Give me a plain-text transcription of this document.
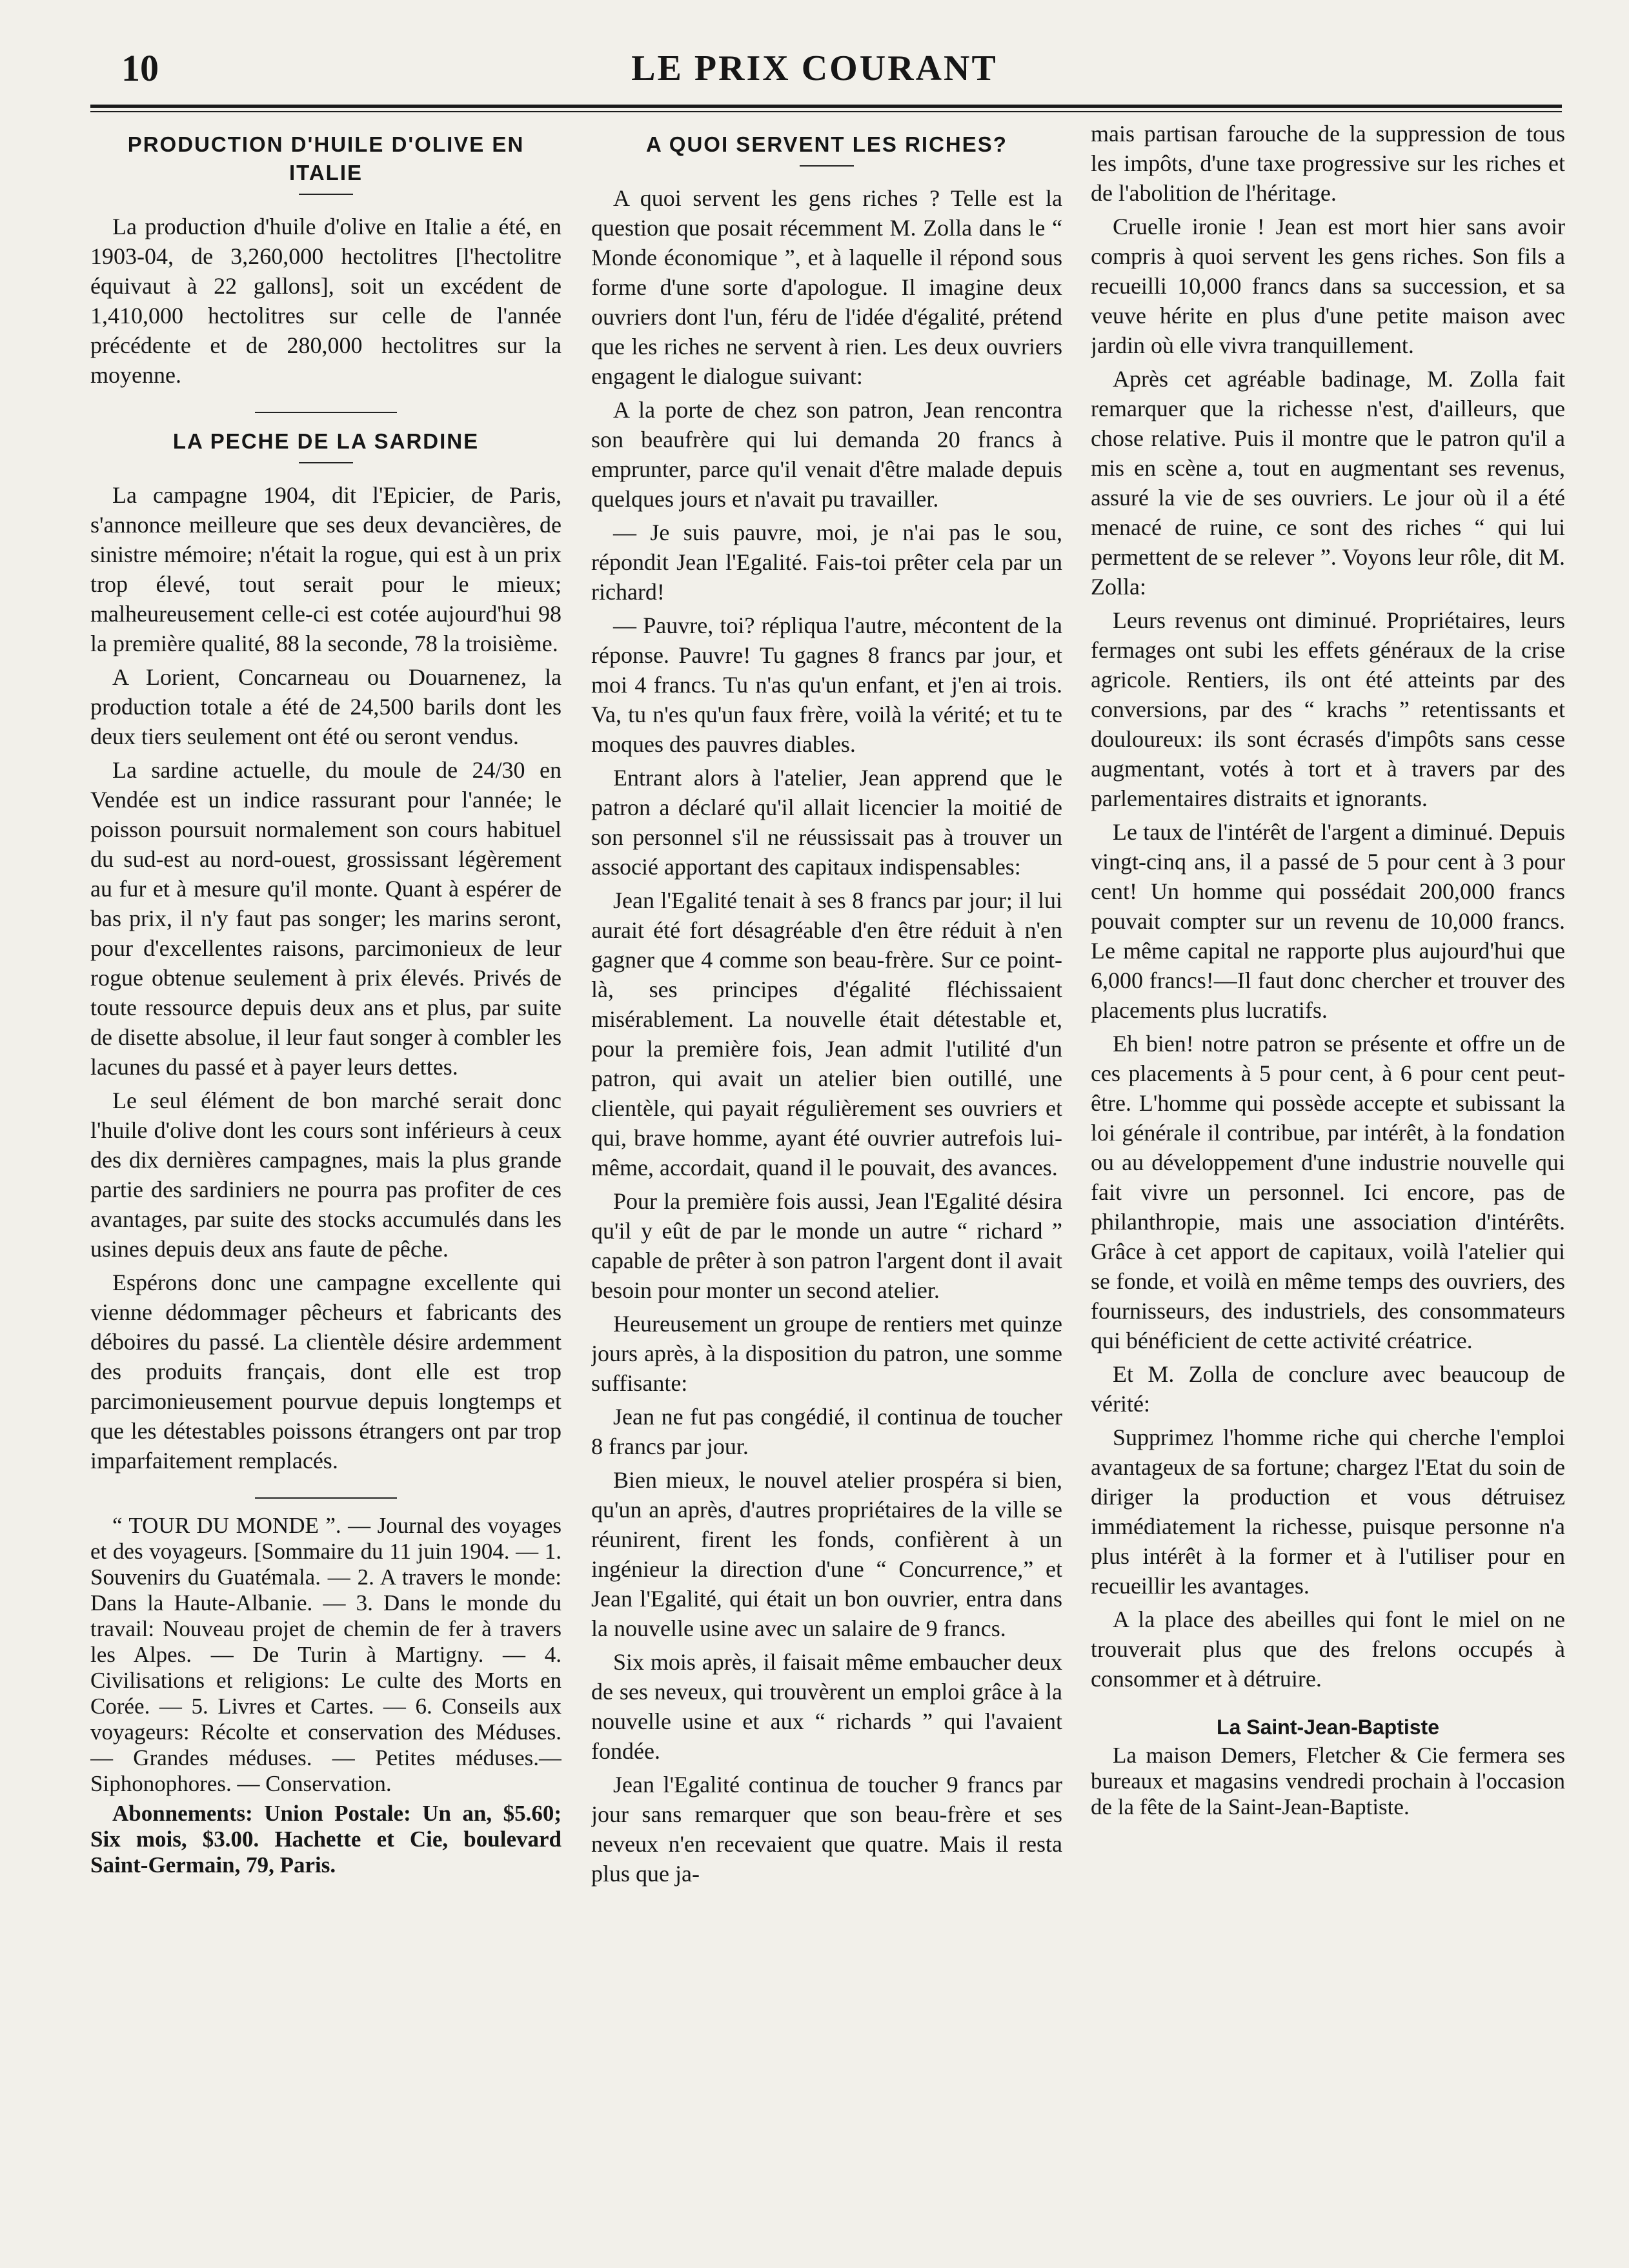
10	LE PRIX COURANT
PRODUCTION D'HUILE D'OLIVE EN ITALIE

La production d'huile d'olive en Italie a été, en 1903-04, de 3,260,000 hectolitres [l'hectolitre équivaut à 22 gallons], soit un excédent de 1,410,000 hectolitres sur celle de l'année précédente et de 280,000 hectolitres sur la moyenne.

LA PECHE DE LA SARDINE

La campagne 1904, dit l'Epicier, de Paris, s'annonce meilleure que ses deux devancières, de sinistre mémoire; n'était la rogue, qui est à un prix trop élevé, tout serait pour le mieux; malheureusement celle-ci est cotée aujourd'hui 98 la première qualité, 88 la seconde, 78 la troisième.

A Lorient, Concarneau ou Douarnenez, la production totale a été de 24,500 barils dont les deux tiers seulement ont été ou seront vendus.

La sardine actuelle, du moule de 24/30 en Vendée est un indice rassurant pour l'année; le poisson poursuit normalement son cours habituel du sud-est au nord-ouest, grossissant légèrement au fur et à mesure qu'il monte. Quant à espérer de bas prix, il n'y faut pas songer; les marins seront, pour d'excellentes raisons, parcimonieux de leur rogue obtenue seulement à prix élevés. Privés de toute ressource depuis deux ans et plus, par suite de disette absolue, il leur faut songer à combler les lacunes du passé et à payer leurs dettes.

Le seul élément de bon marché serait donc l'huile d'olive dont les cours sont inférieurs à ceux des dix dernières campagnes, mais la plus grande partie des sardiniers ne pourra pas profiter de ces avantages, par suite des stocks accumulés dans les usines depuis deux ans faute de pêche.

Espérons donc une campagne excellente qui vienne dédommager pêcheurs et fabricants des déboires du passé. La clientèle désire ardemment des produits français, dont elle est trop parcimonieusement pourvue depuis longtemps et que les détestables poissons étrangers ont par trop imparfaitement remplacés.

“ TOUR DU MONDE ”. — Journal des voyages et des voyageurs. [Sommaire du 11 juin 1904. — 1. Souvenirs du Guatémala. — 2. A travers le monde: Dans la Haute-Albanie. — 3. Dans le monde du travail: Nouveau projet de chemin de fer à travers les Alpes. — De Turin à Martigny. — 4. Civilisations et religions: Le culte des Morts en Corée. — 5. Livres et Cartes. — 6. Conseils aux voyageurs: Récolte et conservation des Méduses. — Grandes méduses. — Petites méduses.— Siphonophores. — Conservation.

Abonnements: Union Postale: Un an, $5.60; Six mois, $3.00. Hachette et Cie, boulevard Saint-Germain, 79, Paris.

A QUOI SERVENT LES RICHES?

A quoi servent les gens riches ? Telle est la question que posait récemment M. Zolla dans le “ Monde économique ”, et à laquelle il répond sous forme d'une sorte d'apologue. Il imagine deux ouvriers dont l'un, féru de l'idée d'égalité, prétend que les riches ne servent à rien. Les deux ouvriers engagent le dialogue suivant:

A la porte de chez son patron, Jean rencontra son beaufrère qui lui demanda 20 francs à emprunter, parce qu'il venait d'être malade depuis quelques jours et n'avait pu travailler.

— Je suis pauvre, moi, je n'ai pas le sou, répondit Jean l'Egalité. Fais-toi prêter cela par un richard!

— Pauvre, toi? répliqua l'autre, mécontent de la réponse. Pauvre! Tu gagnes 8 francs par jour, et moi 4 francs. Tu n'as qu'un enfant, et j'en ai trois. Va, tu n'es qu'un faux frère, voilà la vérité; et tu te moques des pauvres diables.

Entrant alors à l'atelier, Jean apprend que le patron a déclaré qu'il allait licencier la moitié de son personnel s'il ne réussissait pas à trouver un associé apportant des capitaux indispensables:

Jean l'Egalité tenait à ses 8 francs par jour; il lui aurait été fort désagréable d'en être réduit à n'en gagner que 4 comme son beau-frère. Sur ce point-là, ses principes d'égalité fléchissaient misérablement. La nouvelle était détestable et, pour la première fois, Jean admit l'utilité d'un patron, qui avait un atelier bien outillé, une clientèle, qui payait régulièrement ses ouvriers et qui, brave homme, ayant été ouvrier autrefois lui-même, accordait, quand il le pouvait, des avances.

Pour la première fois aussi, Jean l'Egalité désira qu'il y eût de par le monde un autre “ richard ” capable de prêter à son patron l'argent dont il avait besoin pour monter un second atelier.

Heureusement un groupe de rentiers met quinze jours après, à la disposition du patron, une somme suffisante:

Jean ne fut pas congédié, il continua de toucher 8 francs par jour.

Bien mieux, le nouvel atelier prospéra si bien, qu'un an après, d'autres propriétaires de la ville se réunirent, firent les fonds, confièrent à un ingénieur la direction d'une “ Concurrence,” et Jean l'Egalité, qui était un bon ouvrier, entra dans la nouvelle usine avec un salaire de 9 francs.

Six mois après, il faisait même embaucher deux de ses neveux, qui trouvèrent un emploi grâce à la nouvelle usine et aux “ richards ” qui l'avaient fondée.

Jean l'Egalité continua de toucher 9 francs par jour sans remarquer que son beau-frère et ses neveux n'en recevaient que quatre. Mais il resta plus que ja-

mais partisan farouche de la suppression de tous les impôts, d'une taxe progressive sur les riches et de l'abolition de l'héritage.

Cruelle ironie ! Jean est mort hier sans avoir compris à quoi servent les gens riches. Son fils a recueilli 10,000 francs dans sa succession, et sa veuve hérite en plus d'une petite maison avec jardin où elle vivra tranquillement.

Après cet agréable badinage, M. Zolla fait remarquer que la richesse n'est, d'ailleurs, que chose relative. Puis il montre que le patron qu'il a mis en scène a, tout en augmentant ses revenus, assuré la vie de ses ouvriers. Le jour où il a été menacé de ruine, ce sont des riches “ qui lui permettent de se relever ”. Voyons leur rôle, dit M. Zolla:

Leurs revenus ont diminué. Propriétaires, leurs fermages ont subi les effets généraux de la crise agricole. Rentiers, ils ont été atteints par des conversions, par des “ krachs ” retentissants et douloureux: ils sont écrasés d'impôts sans cesse augmentant, votés à tort et à travers par des parlementaires distraits et ignorants.

Le taux de l'intérêt de l'argent a diminué. Depuis vingt-cinq ans, il a passé de 5 pour cent à 3 pour cent! Un homme qui possédait 200,000 francs pouvait compter sur un revenu de 10,000 francs. Le même capital ne rapporte plus aujourd'hui que 6,000 francs!—Il faut donc chercher et trouver des placements plus lucratifs.

Eh bien! notre patron se présente et offre un de ces placements à 5 pour cent, à 6 pour cent peut-être. L'homme qui possède accepte et subissant la loi générale il contribue, par intérêt, à la fondation ou au développement d'une industrie nouvelle qui fait vivre un personnel. Ici encore, pas de philanthropie, mais une association d'intérêts. Grâce à cet apport de capitaux, voilà l'atelier qui se fonde, et voilà en même temps des ouvriers, des fournisseurs, des industriels, des consommateurs qui bénéficient de cette activité créatrice.

Et M. Zolla de conclure avec beaucoup de vérité:

Supprimez l'homme riche qui cherche l'emploi avantageux de sa fortune; chargez l'Etat du soin de diriger la production et vous détruisez immédiatement la richesse, puisque personne n'a plus intérêt à la former et à l'utiliser pour en recueillir les avantages.

A la place des abeilles qui font le miel on ne trouverait plus que des frelons occupés à consommer et à détruire.

La Saint-Jean-Baptiste

La maison Demers, Fletcher & Cie fermera ses bureaux et magasins vendredi prochain à l'occasion de la fête de la Saint-Jean-Baptiste.
